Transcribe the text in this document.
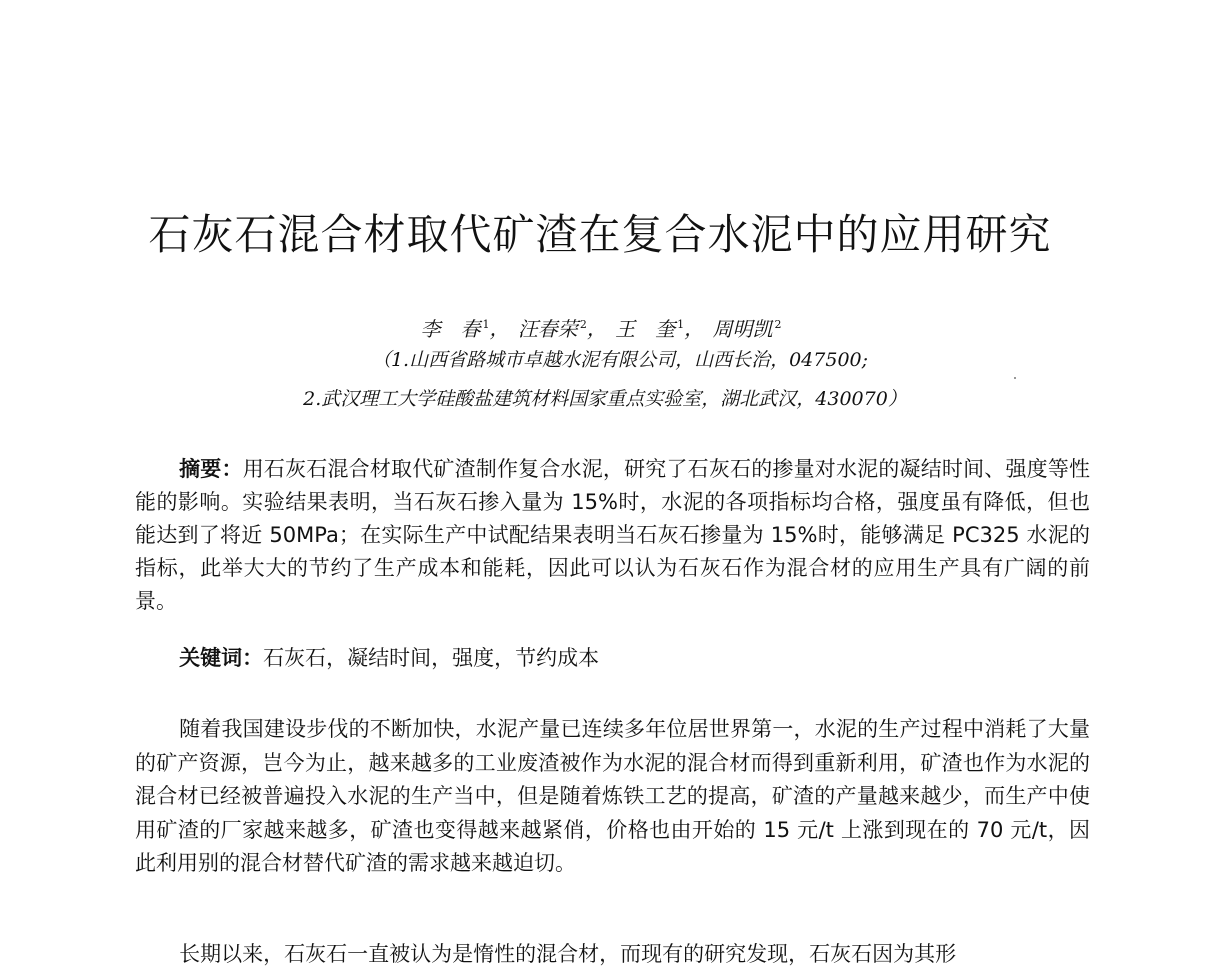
石灰石混合材取代矿渣在复合水泥中的应用研究
李　春 $^1$， 汪春荣 $^2$， 王　奎 $^1$， 周明凯 $^2$
（1.山西省路城市卓越水泥有限公司，山西长治，047500;
2.武汉理工大学硅酸盐建筑材料国家重点实验室，湖北武汉，430070）

摘要：用石灰石混合材取代矿渣制作复合水泥，研究了石灰石的掺量对水泥的凝结时间、强度等性能的影响。实验结果表明，当石灰石掺入量为 15%时，水泥的各项指标均合格，强度虽有降低，但也能达到了将近 50MPa；在实际生产中试配结果表明当石灰石掺量为 15%时，能够满足 PC325 水泥的指标，此举大大的节约了生产成本和能耗，因此可以认为石灰石作为混合材的应用生产具有广阔的前景。

关键词：石灰石，凝结时间，强度，节约成本

随着我国建设步伐的不断加快，水泥产量已连续多年位居世界第一，水泥的生产过程中消耗了大量的矿产资源，岂今为止，越来越多的工业废渣被作为水泥的混合材而得到重新利用，矿渣也作为水泥的混合材已经被普遍投入水泥的生产当中，但是随着炼铁工艺的提高，矿渣的产量越来越少，而生产中使用矿渣的厂家越来越多，矿渣也变得越来越紧俏，价格也由开始的 15 元/t 上涨到现在的 70 元/t，因此利用别的混合材替代矿渣的需求越来越迫切。

长期以来，石灰石一直被认为是惰性的混合材，而现有的研究发现，石灰石因为其形
